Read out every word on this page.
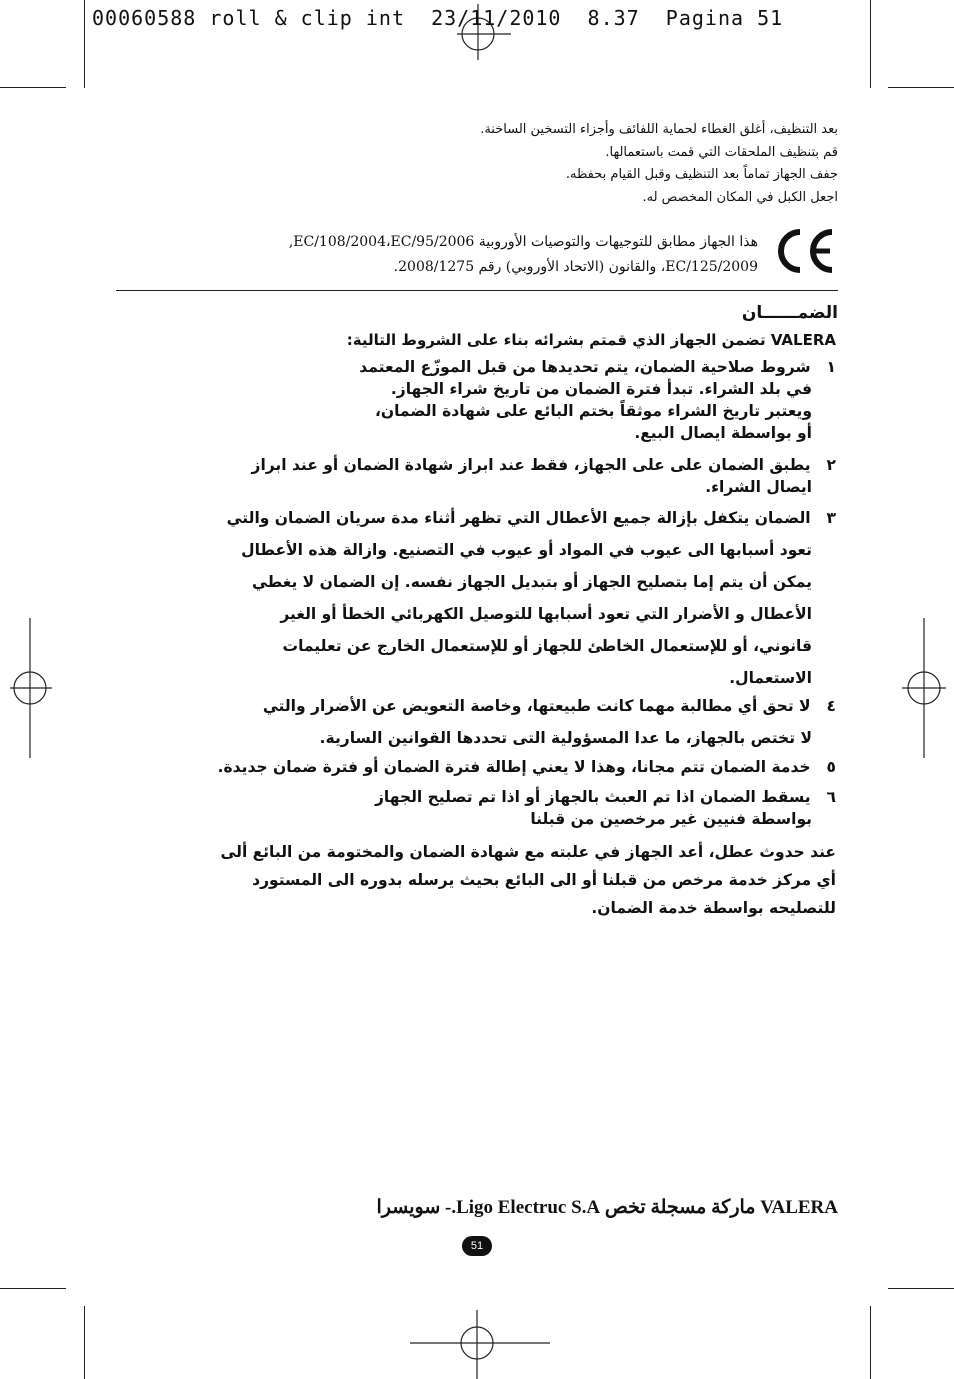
00060588 roll & clip int  23/11/2010  8.37  Pagina 51
بعد التنظيف، أغلق الغطاء لحماية اللفائف وأجزاء التسخين الساخنة.
قم بتنظيف الملحقات التي قمت باستعمالها.
جفف الجهاز تماماً بعد التنظيف وقبل القيام بحفظه.
اجعل الكبل في المكان المخصص له.
هذا الجهاز مطابق للتوجيهات والتوصيات الأوروبية EC/108/2004،EC/95/2006,
EC/125/2009، والقانون (الاتحاد الأوروبي) رقم 2008/1275.
الضمــــــان
VALERA تضمن الجهاز الذي قمتم بشرائه بناء على الشروط التالية:
١ شروط صلاحية الضمان، يتم تحديدها من قبل الموزّع المعتمد
في بلد الشراء. تبدأ فترة الضمان من تاريخ شراء الجهاز.
ويعتبر تاريخ الشراء موثقاً بختم البائع على شهادة الضمان،
أو بواسطة ايصال البيع.
٢ يطبق الضمان على على الجهاز، فقط عند ابراز شهادة الضمان أو عند ابراز
ايصال الشراء.
٣ الضمان يتكفل بإزالة جميع الأعطال التي تظهر أثناء مدة سريان الضمان والتي
تعود أسبابها الى عيوب في المواد أو عيوب في التصنيع. وازالة هذه الأعطال
يمكن أن يتم إما بتصليح الجهاز أو بتبديل الجهاز نفسه. إن الضمان لا يغطي
الأعطال و الأضرار التي تعود أسبابها للتوصيل الكهربائي الخطأ أو الغير
قانوني، أو للإستعمال الخاطئ للجهاز أو للإستعمال الخارج عن تعليمات
الاستعمال.
٤ لا تحق أي مطالبة مهما كانت طبيعتها، وخاصة التعويض عن الأضرار والتي
لا تختص بالجهاز، ما عدا المسؤولية التى تحددها القوانين السارية.
٥ خدمة الضمان تتم مجانا، وهذا لا يعني إطالة فترة الضمان أو فترة ضمان جديدة.
٦ يسقط الضمان اذا تم العبث بالجهاز أو اذا تم تصليح الجهاز
بواسطة فنيين غير مرخصين من قبلنا
عند حدوث عطل، أعد الجهاز في علبته مع شهادة الضمان والمختومة من البائع ألى
أي مركز خدمة مرخص من قبلنا أو الى البائع بحيث يرسله بدوره الى المستورد
للتصليحه بواسطة خدمة الضمان.
VALERA ماركة مسجلة تخص Ligo Electruc S.A.- سويسرا
51
